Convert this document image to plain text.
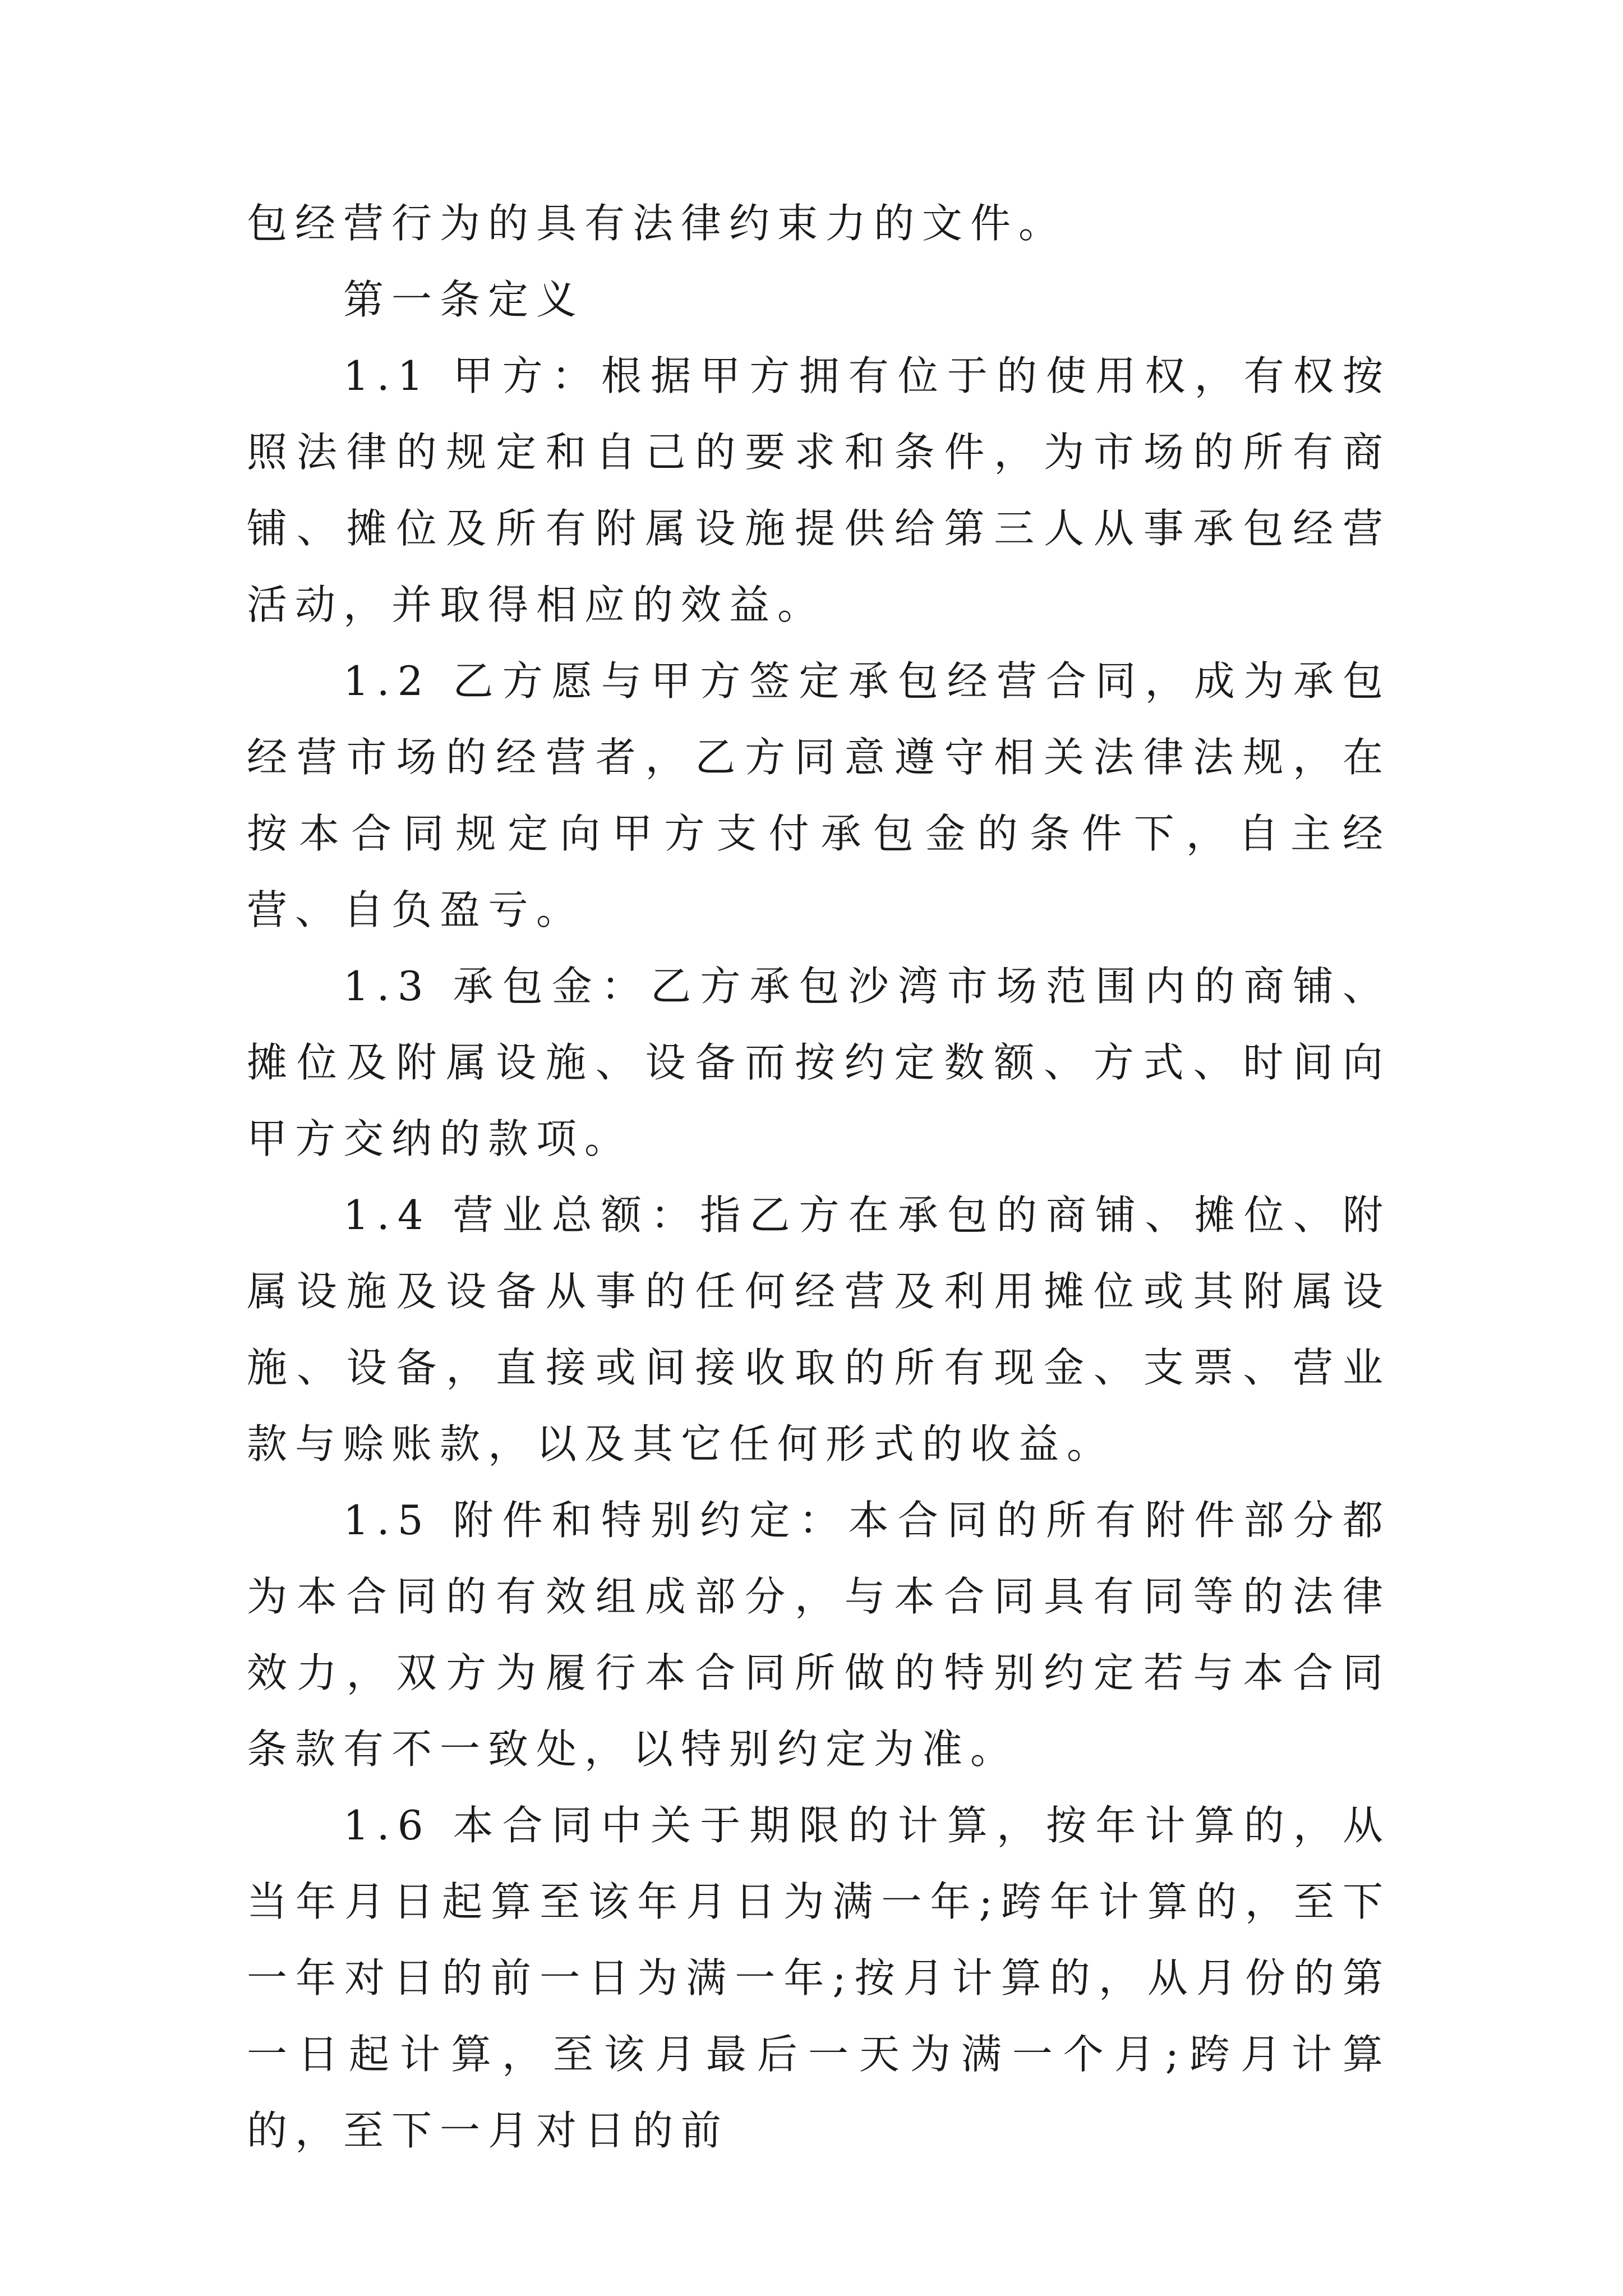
包经营行为的具有法律约束力的文件。

第一条定义

1.1 甲方：根据甲方拥有位于的使用权，有权按照法律的规定和自己的要求和条件，为市场的所有商铺、摊位及所有附属设施提供给第三人从事承包经营活动，并取得相应的效益。

1.2 乙方愿与甲方签定承包经营合同，成为承包经营市场的经营者，乙方同意遵守相关法律法规，在按本合同规定向甲方支付承包金的条件下，自主经营、自负盈亏。

1.3 承包金：乙方承包沙湾市场范围内的商铺、摊位及附属设施、设备而按约定数额、方式、时间向甲方交纳的款项。

1.4 营业总额：指乙方在承包的商铺、摊位、附属设施及设备从事的任何经营及利用摊位或其附属设施、设备，直接或间接收取的所有现金、支票、营业款与赊账款，以及其它任何形式的收益。

1.5 附件和特别约定：本合同的所有附件部分都为本合同的有效组成部分，与本合同具有同等的法律效力，双方为履行本合同所做的特别约定若与本合同条款有不一致处，以特别约定为准。

1.6 本合同中关于期限的计算，按年计算的，从当年月日起算至该年月日为满一年;跨年计算的，至下一年对日的前一日为满一年;按月计算的，从月份的第一日起计算，至该月最后一天为满一个月;跨月计算的，至下一月对日的前
